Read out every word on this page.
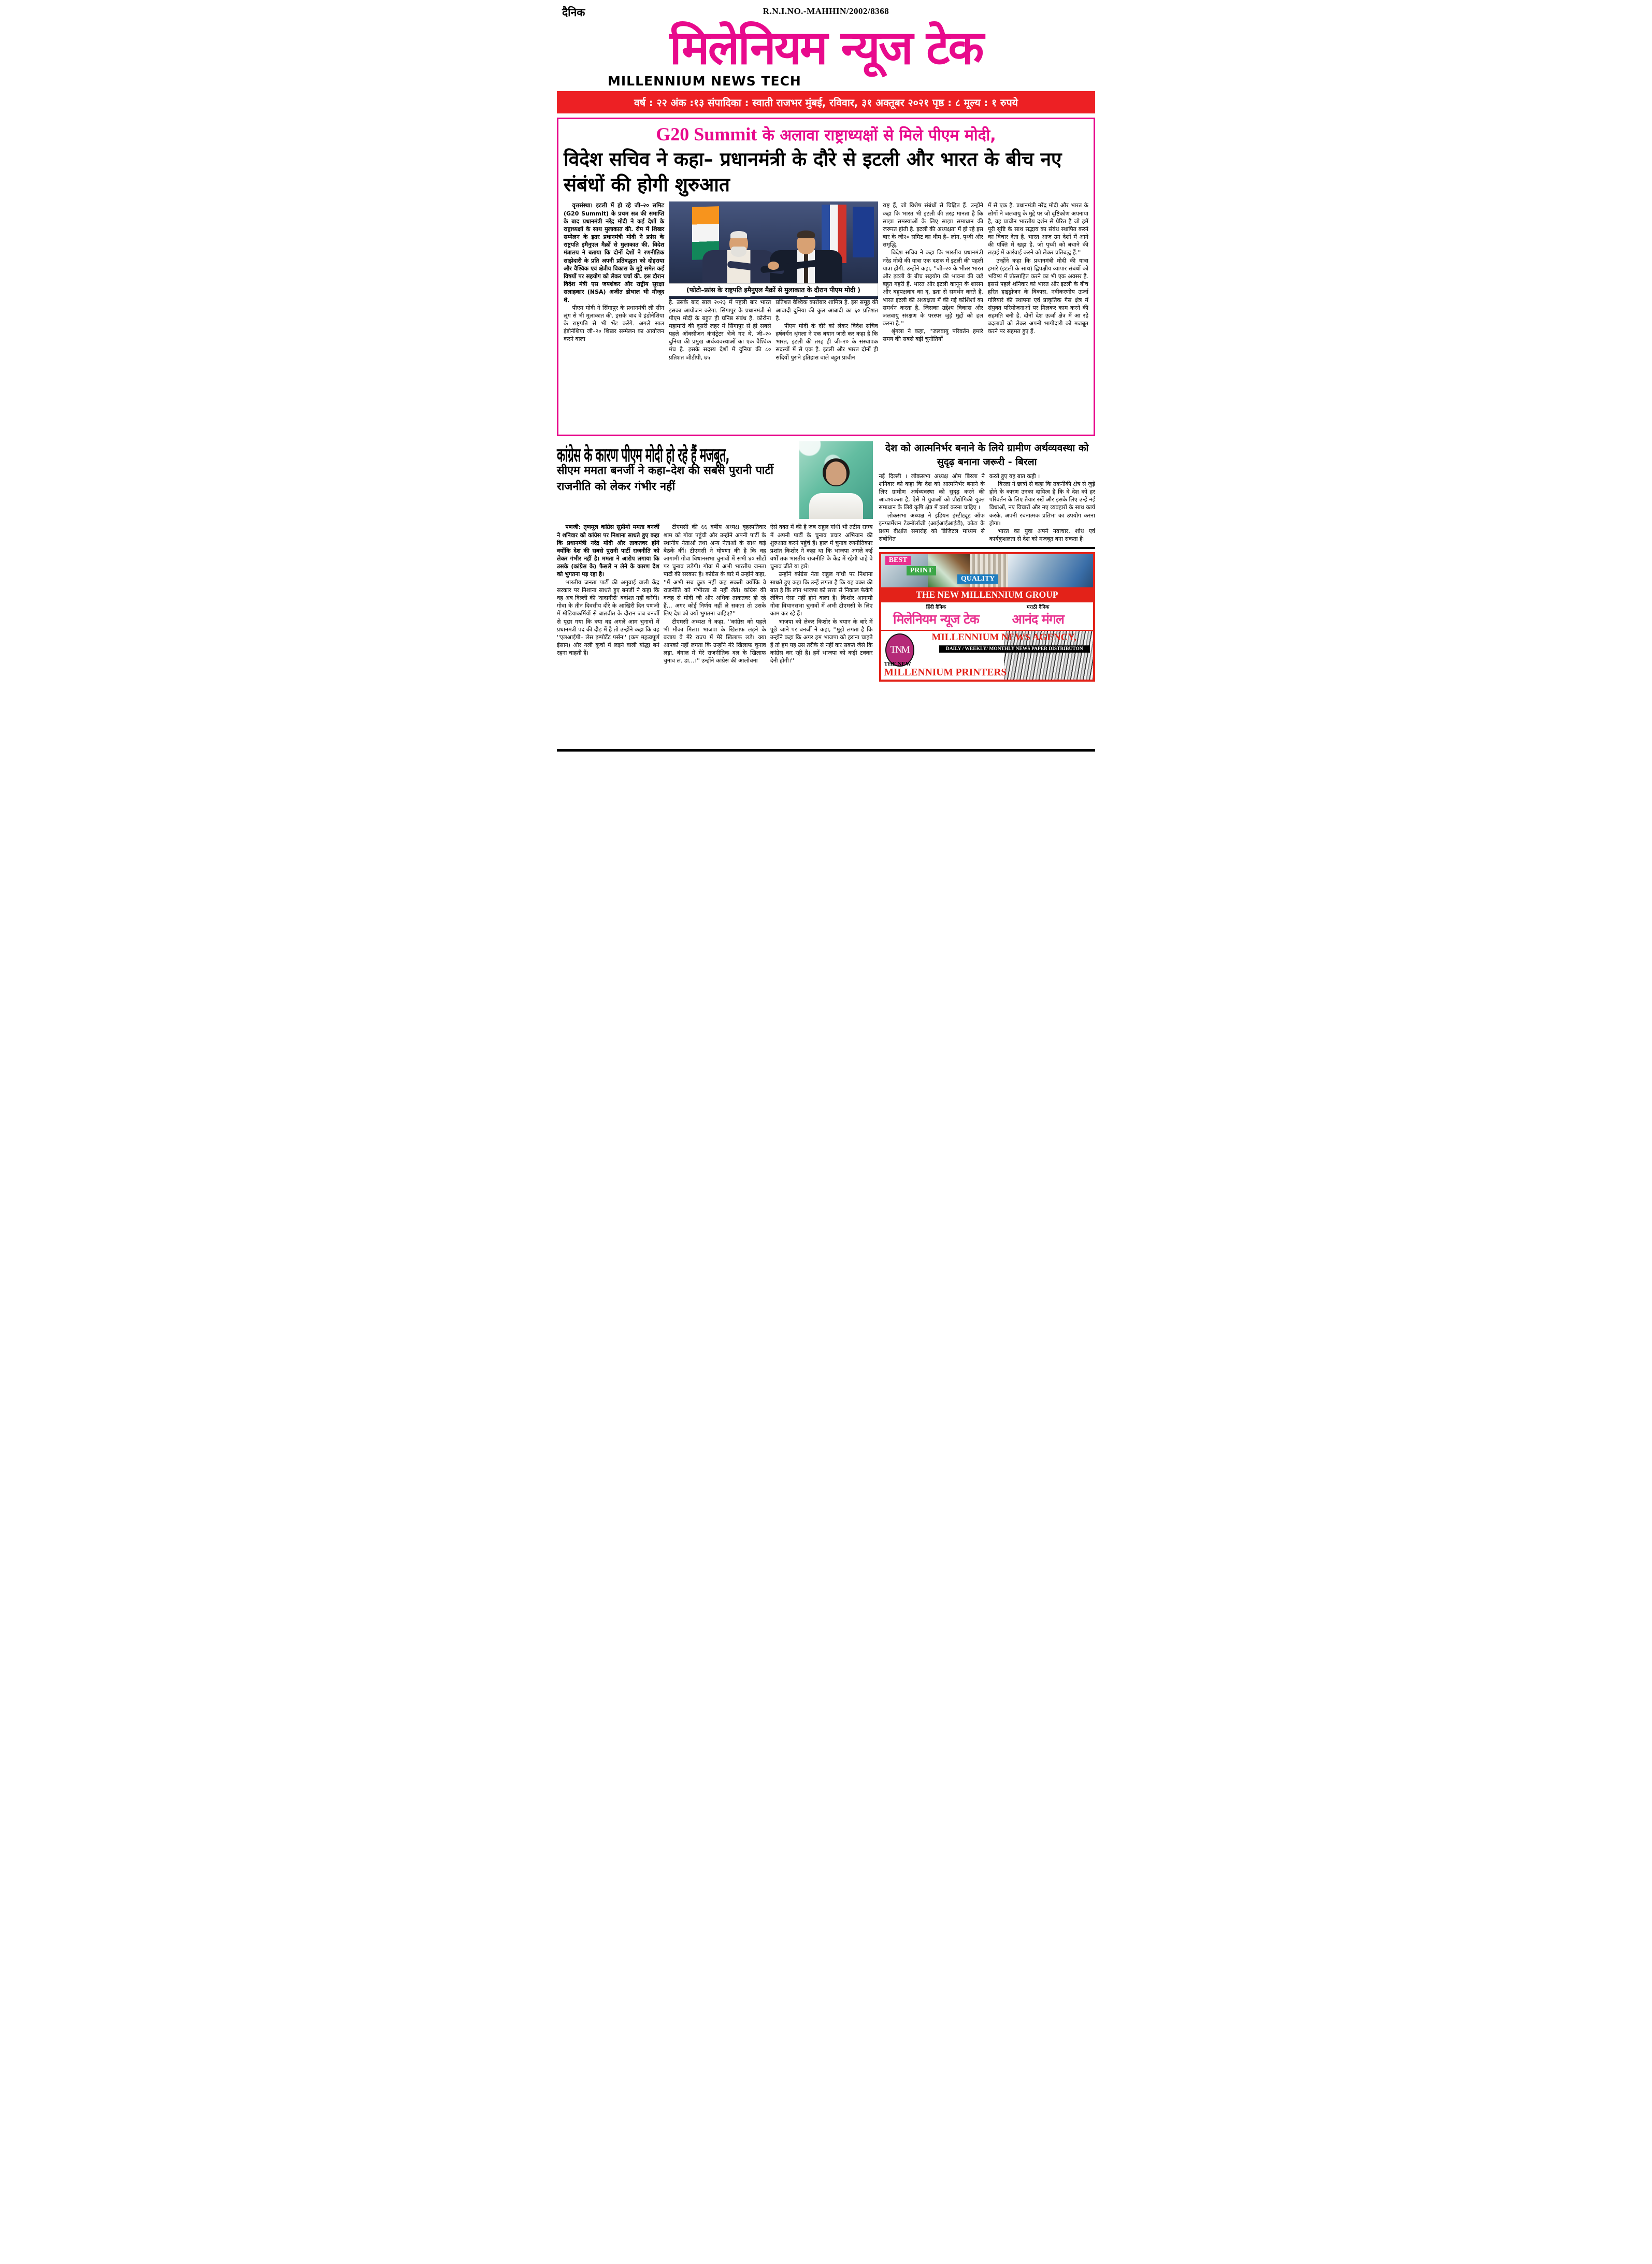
दैनिक	R.N.I.NO.-MAHHIN/2002/8368
मिलेनियम न्यूज टेक
MILLENNIUM NEWS TECH
वर्ष : २२ अंक :१३ संपादिका : स्वाती राजभर मुंबई, रविवार, ३१ अक्तूबर २०२१ पृष्ठ : ८ मूल्य : १ रुपये
G20 Summit के अलावा राष्ट्राध्यक्षों से मिले पीएम मोदी,
विदेश सचिव ने कहा– प्रधानमंत्री के दौरे से इटली और भारत के बीच नए संबंधों की होगी शुरुआत

वृत्तसंस्था। इटली में हो रहे जी–२० समिट (G20 Summit) के प्रथम सत्र की समाप्ति के बाद प्रधानमंत्री नरेंद्र मोदी ने कई देशों के राष्ट्राध्यक्षों के साथ मुलाकात की. रोम में शिखर सम्मेलन के इतर प्रधानमंत्री मोदी ने फ्रांस के राष्ट्रपति इमैनुएल मैक्रों से मुलाकात की. विदेश मंत्रालय ने बताया कि दोनों देशों ने रणनीतिक साझेदारी के प्रति अपनी प्रतिबद्धता को दोहराया और वैश्विक एवं क्षेत्रीय विकास के मुद्दे समेत कई विषयों पर सहयोग को लेकर चर्चा की. इस दौरान विदेश मंत्री एस जयशंकर और राष्ट्रीय सुरक्षा सलाहकार (NSA) अजीत डोभाल भी मौजूद थे.

पीएम मोदी ने सिंगापुर के प्रधानमंत्री ली सीन लूंग से भी मुलाकात की. इसके बाद वे इंडोनेशिया के राष्ट्रपति से भी भेंट करेंगे. अगले साल इंडोनेशिया जी–२० शिखर सम्मेलन का आयोजन करने वाला

(फोटो–फ्रांस के राष्ट्रपति इमैनुएल मैक्रों से मुलाकात के दौरान पीएम मोदी )

है. उसके बाद साल २०२३ में पहली बार भारत इसका आयोजन करेगा. सिंगापुर के प्रधानमंत्री से पीएम मोदी के बहुत ही घनिष्ठ संबंध है. कोरोना महामारी की दूसरी लहर में सिंगापुर से ही सबसे पहले ऑक्सीजन कंसंट्रेटर भेजे गए थे. जी–२० दुनिया की प्रमुख अर्थव्यवस्थाओं का एक वैश्विक मंच है. इसके सदस्य देशों में दुनिया की ८० प्रतिशत जीडीपी, ७५

प्रतिशत वैश्विक कारोबार शामिल है. इस समूह की आबादी दुनिया की कुल आबादी का ६० प्रतिशत है.

पीएम मोदी के दौरे को लेकर विदेश सचिव हर्षवर्धन श्रृंगला ने एक बयान जारी कर कहा है कि भारत, इटली की तरह ही जी–२० के संस्थापक सदस्यों में से एक है. इटली और भारत दोनों ही सदियों पुराने इतिहास वाले बहुत प्राचीन

राष्ट्र हैं, जो विशेष संबंधों से चिह्नित हैं. उन्होंने कहा कि भारत भी इटली की तरह मानता है कि साझा समस्याओं के लिए साझा समाधान की जरूरत होती है. इटली की अध्यक्षता में हो रहे इस बार के जी२० समिट का थीम है– लोग, पृथ्वी और समृद्धि.

विदेश सचिव ने कहा कि भारतीय प्रधानमंत्री नरेंद्र मोदी की यात्रा एक दशक में इटली की पहली यात्रा होगी. उन्होंने कहा, ''जी–२० के भीतर भारत और इटली के बीच सहयोग की भावना की जड़ें बहुत गहरी हैं. भारत और इटली कानून के शासन और बहुपक्षवाद का दृ. ढता से समर्थन करते हैं. भारत इटली की अध्यक्षता में की गई कोशिशों का समर्थन करता है, जिसका उद्देश्य विकास और जलवायु संरक्षण के परस्पर जुड़े मुद्दों को हल करना है.''

श्रृंगला ने कहा, ''जलवायु परिवर्तन हमारे समय की सबसे बड़ी चुनौतियों

में से एक है. प्रधानमंत्री नरेंद्र मोदी और भारत के लोगों ने जलवायु के मुद्दे पर जो दृष्टिकोण अपनाया है, वह प्राचीन भारतीय दर्शन से प्रेरित है जो हमें पूरी सृष्टि के साथ सद्भाव का संबंध स्थापित करने का विचार देता है. भारत आज उन देशों में आगे की पंक्ति में खड़ा है, जो पृथ्वी को बचाने की लड़ाई में कार्रवाई करने को लेकर प्रतिबद्ध हैं.''

उन्होंने कहा कि प्रधानमंत्री मोदी की यात्रा हमारे (इटली के साथ) द्विपक्षीय व्यापार संबंधों को भविष्य में प्रोत्साहित करने का भी एक अवसर है. इससे पहले शनिवार को भारत और इटली के बीच हरित हाइड्रोजन के विकास, नवीकरणीय ऊर्जा गलियारे की स्थापना एवं प्राकृतिक गैस क्षेत्र में संयुक्त परियोजनाओं पर मिलकर काम करने की सहमति बनी है. दोनों देश ऊर्जा क्षेत्र में आ रहे बदलावों को लेकर अपनी भागीदारी को मजबूत करने पर सहमत हुए हैं.

कांग्रेस के कारण पीएम मोदी हो रहे हैं मजबूत,
सीएम ममता बनर्जी ने कहा–देश की सबसे पुरानी पार्टी राजनीति को लेकर गंभीर नहीं

पणजी: तृणमूल कांग्रेस सुप्रीमो ममता बनर्जी ने शनिवार को कांग्रेस पर निशाना साधते हुए कहा कि प्रधानमंत्री नरेंद्र मोदी और ताकतवर होंगे क्योंकि देश की सबसे पुरानी पार्टी राजनीति को लेकर गंभीर नहीं है। ममता ने आरोप लगाया कि उसके (कांग्रेस के) फैसले न लेने के कारण देश को भुगतना पड़ रहा है।

भारतीय जनता पार्टी की अगुवाई वाली केंद्र सरकार पर निशाना साधते हुए बनर्जी ने कहा कि वह अब दिल्ली की 'दादागीरी' बर्दाश्त नहीं करेंगी। गोवा के तीन दिवसीय दौरे के आखिरी दिन पणजी में मीडियाकर्मियों से बातचीत के दौरान जब बनर्जी से पूछा गया कि क्या वह अगले आम चुनावों में प्रधानमंत्री पद की दौड़ में है तो उन्होंने कहा कि वह ''एलआईपी– लेस इम्पोर्टेंट पर्सन'' (कम महत्वपूर्ण इंसान) और गली कूचों में लड़ने वाली योद्धा बने रहना चाहती हैं।

टीएमसी की ६६ वर्षीय अध्यक्ष बृहस्पतिवार शाम को गोवा पहुंची और उन्होंने अपनी पार्टी के स्थानीय नेताओं तथा अन्य नेताओं के साथ कई बैठकें कीं। टीएमसी ने घोषणा की है कि वह आगामी गोवा विधानसभा चुनावों में सभी ४० सीटों पर चुनाव लड़ेगी। गोवा में अभी भारतीय जनता पार्टी की सरकार है। कांग्रेस के बारे में उन्होंने कहा, ''मैं अभी सब कुछ नहीं कह सकती क्योंकि वे राजनीति को गंभीरता से नहीं लेते। कांग्रेस की वजह से मोदी जी और अधिक ताकतवर हो रहे हैं… अगर कोई निर्णय नहीं ले सकता तो उसके लिए देश को क्यों भुगतना चाहिए?''

टीएमसी अध्यक्ष ने कहा, ''कांग्रेस को पहले भी मौका मिला। भाजपा के खिलाफ लड़ने के बजाय वे मेरे राज्य में मेरे खिलाफ लड़े। क्या आपको नहीं लगता कि उन्होंने मेरे खिलाफ चुनाव लड़ा, बंगाल में मेरे राजनीतिक दल के खिलाफ चुनाव ल. डा…।'' उन्होंने कांग्रेस की आलोचना

ऐसे वक्त में की है जब राहुल गांधी भी तटीय राज्य में अपनी पार्टी के चुनाव प्रचार अभियान की शुरुआत करने पहुंचे हैं। हाल में चुनाव रणनीतिकार प्रशांत किशोर ने कहा था कि भाजपा अगले कई वर्षों तक भारतीय राजनीति के केंद्र में रहेगी चाहे वे चुनाव जीते या हारे।

उन्होंने कांग्रेस नेता राहुल गांधी पर निशाना साधते हुए कहा कि उन्हें लगता है कि यह वक्त की बात है कि लोग भाजपा को सत्ता से निकाल फेकेंगे लेकिन ऐसा नहीं होने वाला है। किशोर आगामी गोवा विधानसभा चुनावों में अभी टीएमसी के लिए काम कर रहे हैं।

भाजपा को लेकर किशोर के बयान के बारे में पूछे जाने पर बनर्जी ने कहा, ''मुझे लगता है कि उन्होंने कहा कि अगर हम भाजपा को हराना चाहते हैं तो हम यह उस तरीके से नहीं कर सकते जैसे कि कांग्रेस कर रही है। हमें भाजपा को कड़ी टक्कर देनी होगी।''

देश को आत्मनिर्भर बनाने के लिये ग्रामीण अर्थव्यवस्था को सुदृढ़ बनाना जरूरी - बिरला

नई दिल्ली । लोकसभा अध्यक्ष ओम बिरला ने शनिवार को कहा कि देश को आत्मनिर्भर बनाने के लिए ग्रामीण अर्थव्यवस्था को सुदृढ़ करने की आवश्यकता है, ऐसे में युवाओं को प्रौद्योगिकी युक्त समाधान के लिये कृषि क्षेत्र में कार्य करना चाहिए ।

लोकसभा अध्यक्ष ने इंडियन इंस्टीट्यूट ऑफ इनफार्मेशन टेक्नॉलॉजी (आईआईआईटी), कोटा के प्रथम दीक्षांत समारोह को डिजिटल माध्यम से संबोधित

करते हुए यह बात कही ।

बिरला ने छात्रों से कहा कि तकनीकी क्षेत्र से जुड़े होने के कारण उनका दायित्व है कि वे देश को हर परिवर्तन के लिए तैयार रखें और इसके लिए उन्हें नई विधाओं, नए विचारों और नए व्यवहारों के साथ कार्य करके, अपनी रचनात्मक प्रतिभा का उपयोग करना होगा।

भारत का युवा अपने नवाचार, शोध एवं कार्यकुशलता से देश को मजबूत बना सकता है।

BEST
PRINT
QUALITY
THE NEW MILLENNIUM GROUP
हिंदी दैनिक
मिलेनियम न्यूज टेक
मराठी दैनिक
आनंद मंगल
TNM
MILLENNIUM NEWS AGENCY,
DAILY / WEEKLY/ MONTHLY NEWS PAPER DISTRIBUTON
THE NEW
MILLENNIUM PRINTERS
